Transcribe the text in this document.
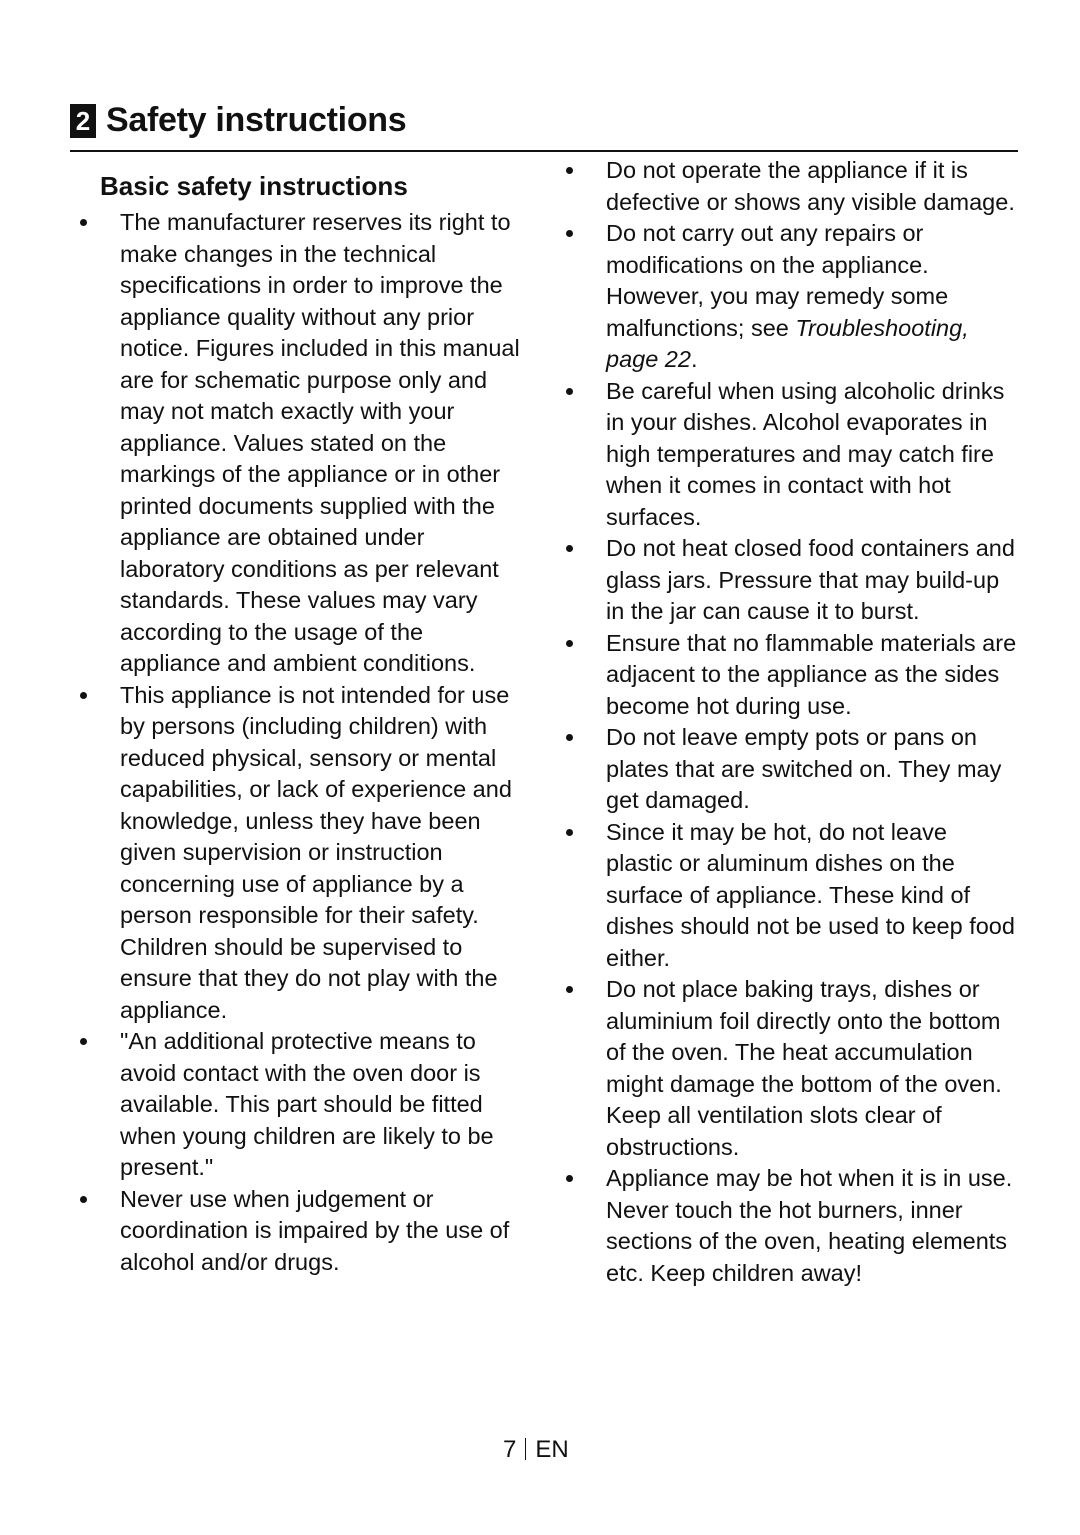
2 Safety instructions
Basic safety instructions
The manufacturer reserves its right to make changes in the technical specifications in order to improve the appliance quality without any prior notice. Figures included in this manual are for schematic purpose only and may not match exactly with your appliance. Values stated on the markings of the appliance or in other printed documents supplied with the appliance are obtained under laboratory conditions as per relevant standards. These values may vary according to the usage of the appliance and ambient conditions.
This appliance is not intended for use by persons (including children) with reduced physical, sensory or mental capabilities, or lack of experience and knowledge, unless they have been given supervision or instruction concerning use of appliance by a person responsible for their safety.
Children should be supervised to ensure that they do not play with the appliance.
"An additional protective means to avoid contact with the oven door is available. This part should be fitted when young children are likely to be present."
Never use when judgement or coordination is impaired by the use of alcohol and/or drugs.
Do not operate the appliance if it is defective or shows any visible damage.
Do not carry out any repairs or modifications on the appliance. However, you may remedy some malfunctions; see Troubleshooting, page 22.
Be careful when using alcoholic drinks in your dishes. Alcohol evaporates in high temperatures and may catch fire when it comes in contact with hot surfaces.
Do not heat closed food containers and glass jars. Pressure that may build-up in the jar can cause it to burst.
Ensure that no flammable materials are adjacent to the appliance as the sides become hot during use.
Do not leave empty pots or pans on plates that are switched on. They may get damaged.
Since it may be hot, do not leave plastic or aluminum dishes on the surface of appliance. These kind of dishes should not be used to keep food either.
Do not place baking trays, dishes or aluminium foil directly onto the bottom of the oven. The heat accumulation might damage the bottom of the oven.
Keep all ventilation slots clear of obstructions.
Appliance may be hot when it is in use. Never touch the hot burners, inner sections of the oven, heating elements etc. Keep children away!
7 EN
